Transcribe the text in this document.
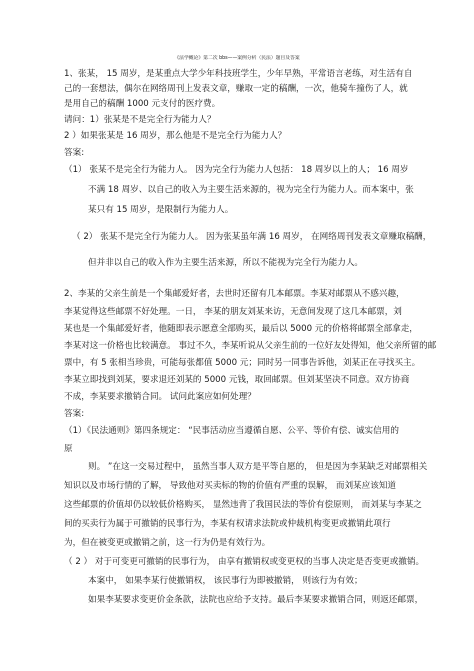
《法学概论》第二次 bbs——案例分析（民法）题目及答案
1、张某， 15 周岁，是某重点大学少年科技班学生，少年早熟，平常语言老练，对生活有自
己的一套想法，偶尔在网络周刊上发表文章，赚取一定的稿酬，一次，他骑车撞伤了人，就
是用自己的稿酬 1000 元支付的医疗费。
请问：1）张某是不是完全行为能力人？
2 ）如果张某是 16 周岁，那么他是不是完全行为能力人？
答案:
（1） 张某不是完全行为能力人。 因为完全行为能力人包括： 18 周岁以上的人； 16 周岁
不满 18 周岁、以自己的收入为主要生活来源的，视为完全行为能力人。而本案中，张
某只有 15 周岁，是限制行为能力人。
（ 2） 张某不是完全行为能力人。 因为张某虽年满 16 周岁， 在网络周刊发表文章赚取稿酬，
但并非以自己的收入作为主要生活来源，所以不能视为完全行为能力人。
2、李某的父亲生前是一个集邮爱好者，去世时还留有几本邮票。李某对邮票从不感兴趣，
李某觉得这些邮票不好处理。一日， 李某的朋友刘某来访，无意间发现了这几本邮票，刘
某也是一个集邮爱好者，他随即表示愿意全部购买，最后以 5000 元的价格将邮票全部拿走，
李某对这一价格也比较满意。 事过不久，李某听说从父亲生前的一位好友处得知，他父亲所留的邮
票中，有 5 张相当珍贵，可能每张都值 5000 元；同时另一同事告诉他，刘某正在寻找买主。
李某立即找到刘某，要求退还刘某的 5000 元钱，取回邮票。但刘某坚决不同意。双方协商
不成，李某要求撤销合同。 试问此案应如何处理？
答案:
（1）《民法通则》第四条规定： “民事活动应当遵循自愿、公平、等价有偿、诚实信用的
原
则。 ”在这一交易过程中， 虽然当事人双方是平等自愿的， 但是因为李某缺乏对邮票相关
知识以及市场行情的了解， 导致他对买卖标的物的价值有严重的误解， 而刘某应该知道
这些邮票的价值却仍以较低价格购买， 显然违背了我国民法的等价有偿原则， 而刘某与李某之
间的买卖行为属于可撤销的民事行为，李某有权请求法院或仲裁机构变更或撤销此项行
为，但在被变更或撤销之前，这一行为仍是有效行为。
（ 2 ） 对于可变更可撤销的民事行为， 由享有撤销权或变更权的当事人决定是否变更或撤销。
本案中， 如果李某行使撤销权， 该民事行为即被撤销， 则该行为有效；
如果李某要求变更价金条款，法院也应给予支持。最后李某要求撤销合同，则返还邮票，
